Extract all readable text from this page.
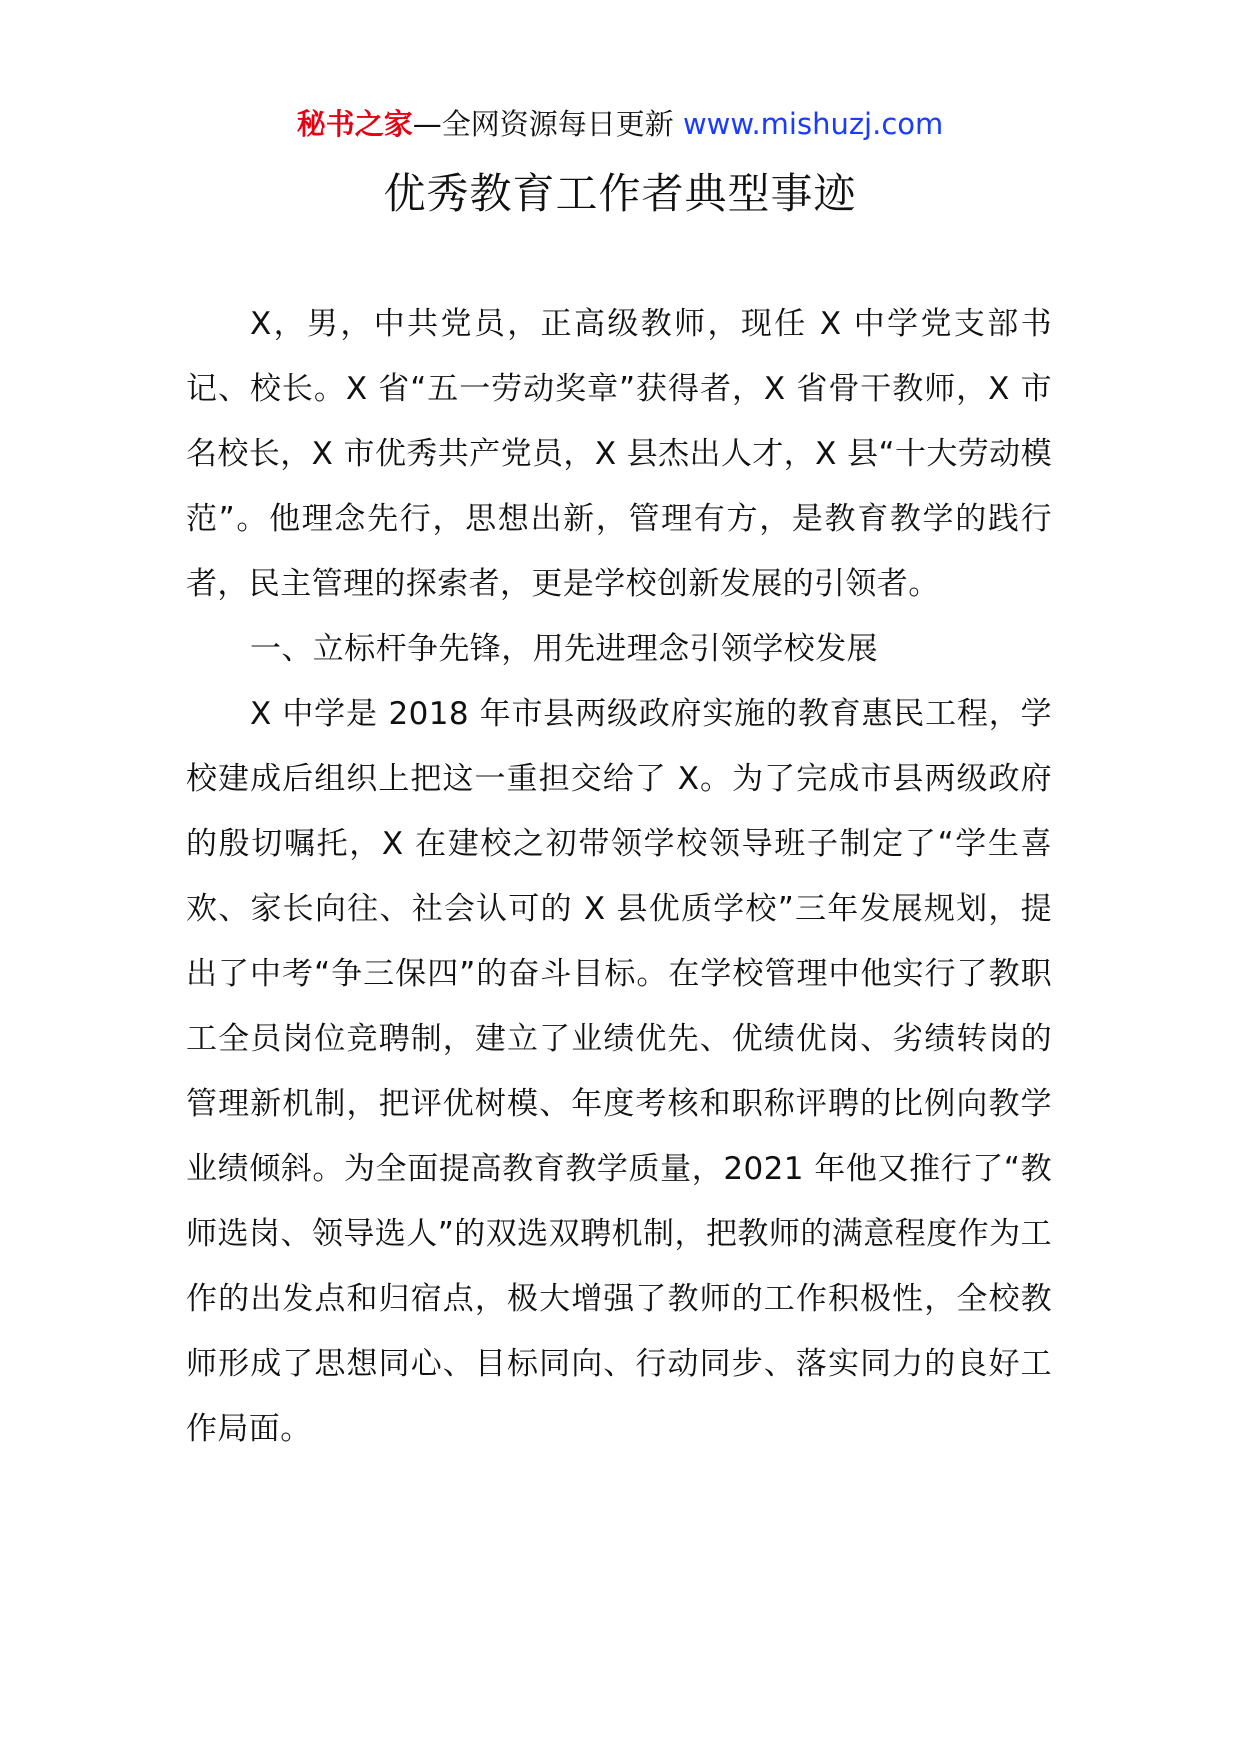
秘书之家—全网资源每日更新 www.mishuzj.com
优秀教育工作者典型事迹

X，男，中共党员，正高级教师，现任 X 中学党支部书记、校长。X 省“五一劳动奖章”获得者，X 省骨干教师，X 市名校长，X 市优秀共产党员，X 县杰出人才，X 县“十大劳动模范”。他理念先行，思想出新，管理有方，是教育教学的践行者，民主管理的探索者，更是学校创新发展的引领者。

一、立标杆争先锋，用先进理念引领学校发展

X 中学是 2018 年市县两级政府实施的教育惠民工程，学校建成后组织上把这一重担交给了 X。为了完成市县两级政府的殷切嘱托，X 在建校之初带领学校领导班子制定了“学生喜欢、家长向往、社会认可的 X 县优质学校”三年发展规划，提出了中考“争三保四”的奋斗目标。在学校管理中他实行了教职工全员岗位竞聘制，建立了业绩优先、优绩优岗、劣绩转岗的管理新机制，把评优树模、年度考核和职称评聘的比例向教学业绩倾斜。为全面提高教育教学质量，2021 年他又推行了“教师选岗、领导选人”的双选双聘机制，把教师的满意程度作为工作的出发点和归宿点，极大增强了教师的工作积极性，全校教师形成了思想同心、目标同向、行动同步、落实同力的良好工作局面。
